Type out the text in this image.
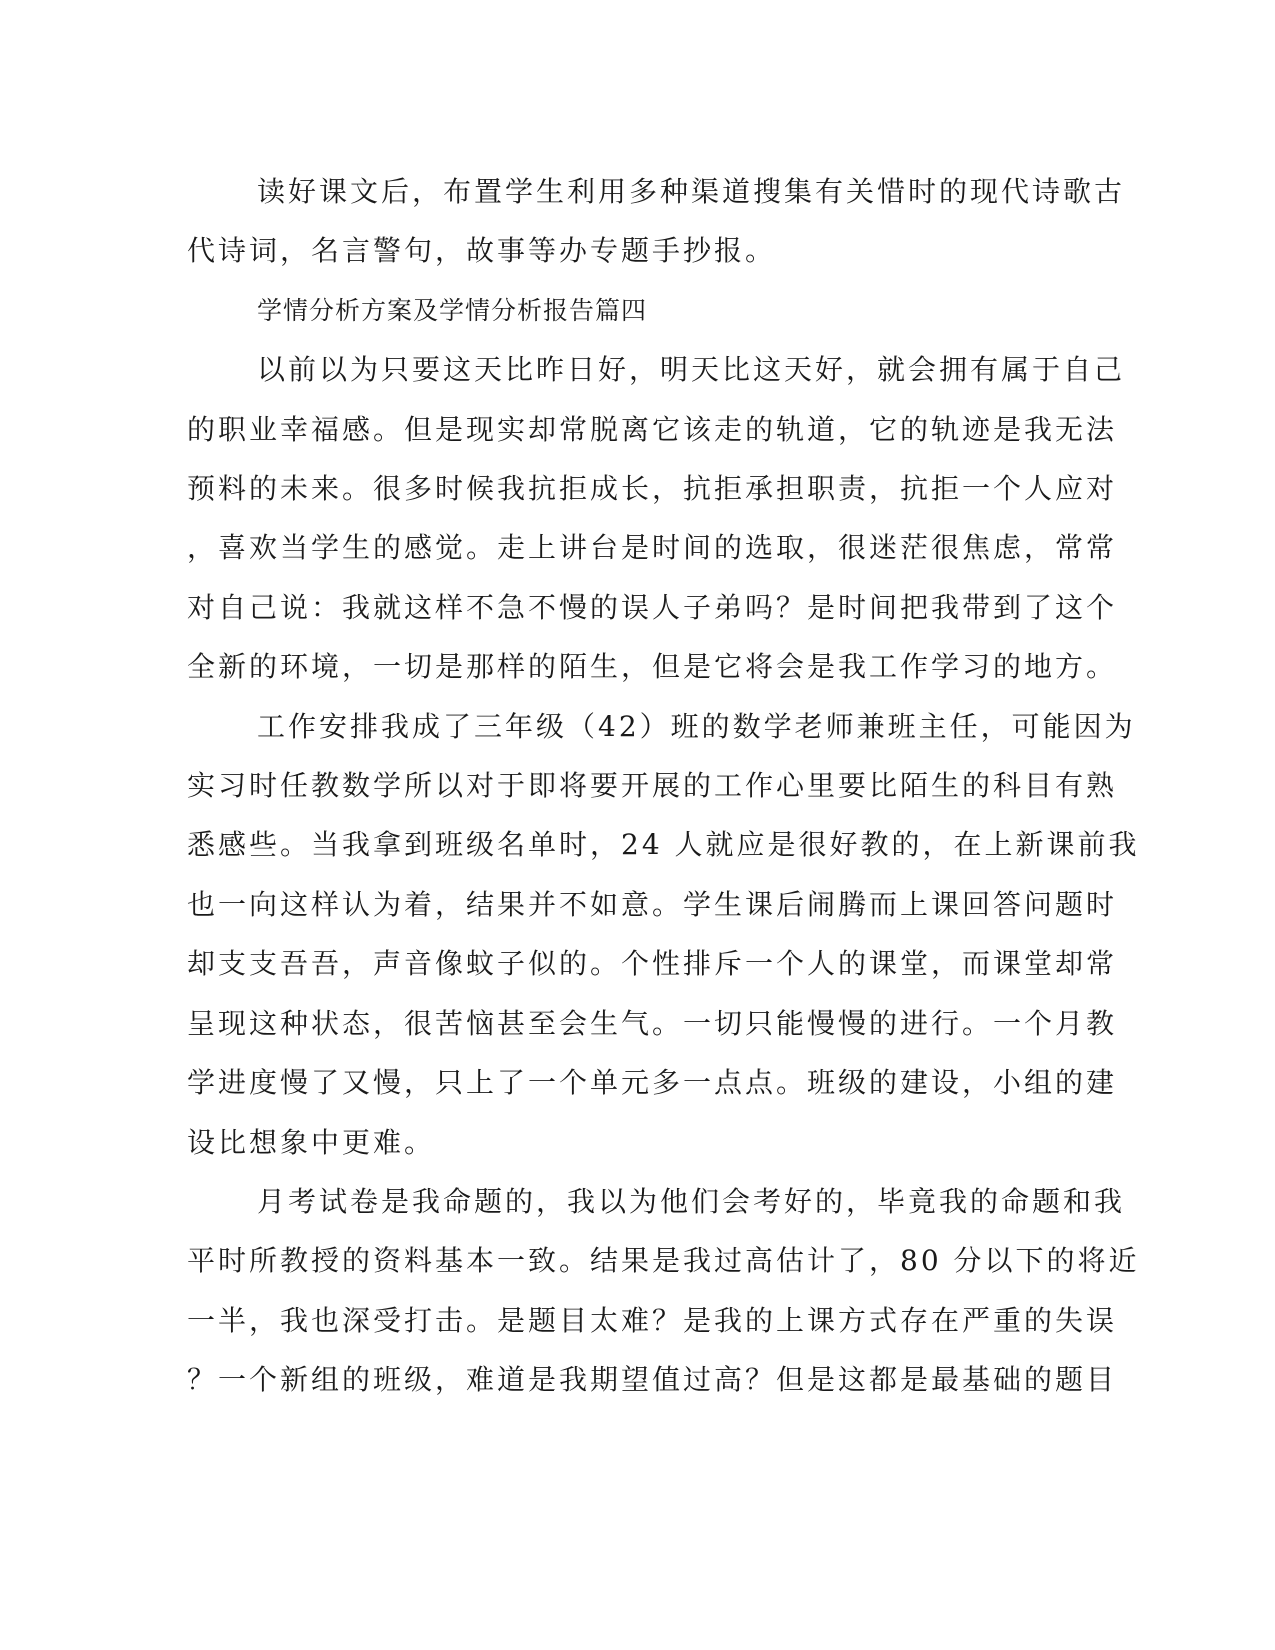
读好课文后，布置学生利用多种渠道搜集有关惜时的现代诗歌古
代诗词，名言警句，故事等办专题手抄报。

学情分析方案及学情分析报告篇四

以前以为只要这天比昨日好，明天比这天好，就会拥有属于自己
的职业幸福感。但是现实却常脱离它该走的轨道，它的轨迹是我无法
预料的未来。很多时候我抗拒成长，抗拒承担职责，抗拒一个人应对
，喜欢当学生的感觉。走上讲台是时间的选取，很迷茫很焦虑，常常
对自己说：我就这样不急不慢的误人子弟吗？是时间把我带到了这个
全新的环境，一切是那样的陌生，但是它将会是我工作学习的地方。

工作安排我成了三年级（42）班的数学老师兼班主任，可能因为
实习时任教数学所以对于即将要开展的工作心里要比陌生的科目有熟
悉感些。当我拿到班级名单时，24 人就应是很好教的，在上新课前我
也一向这样认为着，结果并不如意。学生课后闹腾而上课回答问题时
却支支吾吾，声音像蚊子似的。个性排斥一个人的课堂，而课堂却常
呈现这种状态，很苦恼甚至会生气。一切只能慢慢的进行。一个月教
学进度慢了又慢，只上了一个单元多一点点。班级的建设，小组的建
设比想象中更难。

月考试卷是我命题的，我以为他们会考好的，毕竟我的命题和我
平时所教授的资料基本一致。结果是我过高估计了，80 分以下的将近
一半，我也深受打击。是题目太难？是我的上课方式存在严重的失误
？一个新组的班级，难道是我期望值过高？但是这都是最基础的题目
